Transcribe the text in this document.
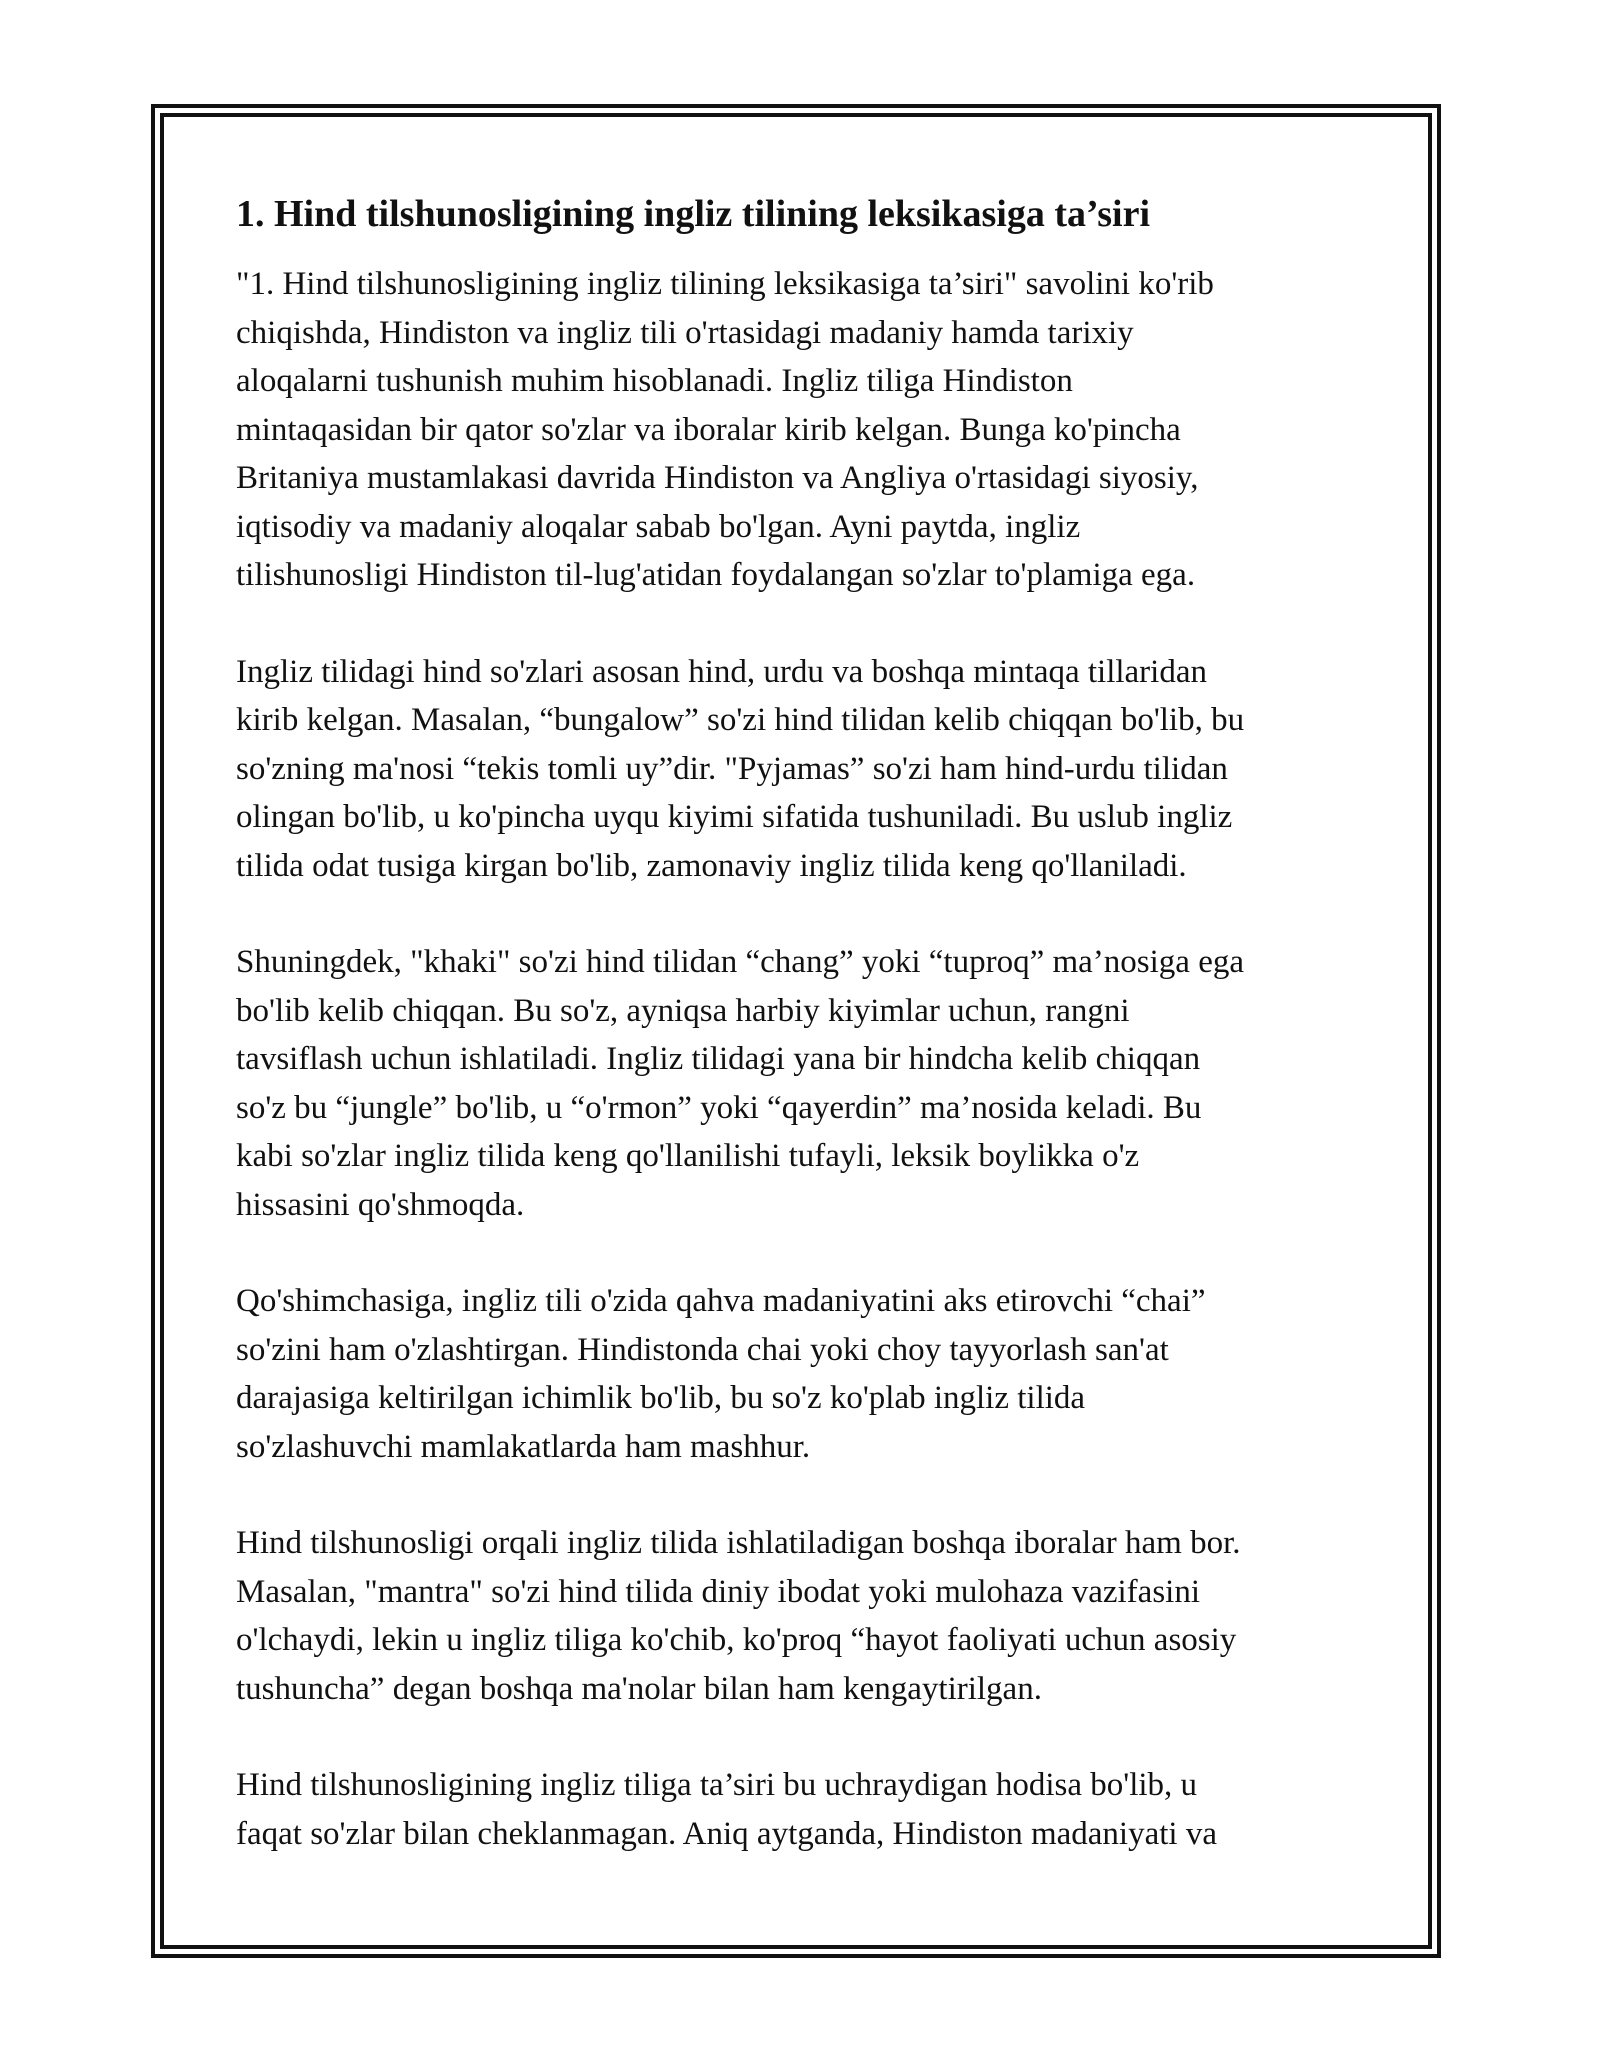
1. Hind tilshunosligining ingliz tilining leksikasiga ta’siri

"1. Hind tilshunosligining ingliz tilining leksikasiga ta’siri" savolini ko'rib
chiqishda, Hindiston va ingliz tili o'rtasidagi madaniy hamda tarixiy
aloqalarni tushunish muhim hisoblanadi. Ingliz tiliga Hindiston
mintaqasidan bir qator so'zlar va iboralar kirib kelgan. Bunga ko'pincha
Britaniya mustamlakasi davrida Hindiston va Angliya o'rtasidagi siyosiy,
iqtisodiy va madaniy aloqalar sabab bo'lgan. Ayni paytda, ingliz
tilishunosligi Hindiston til-lug'atidan foydalangan so'zlar to'plamiga ega.

Ingliz tilidagi hind so'zlari asosan hind, urdu va boshqa mintaqa tillaridan
kirib kelgan. Masalan, “bungalow” so'zi hind tilidan kelib chiqqan bo'lib, bu
so'zning ma'nosi “tekis tomli uy”dir. "Pyjamas” so'zi ham hind-urdu tilidan
olingan bo'lib, u ko'pincha uyqu kiyimi sifatida tushuniladi. Bu uslub ingliz
tilida odat tusiga kirgan bo'lib, zamonaviy ingliz tilida keng qo'llaniladi.

Shuningdek, "khaki" so'zi hind tilidan “chang” yoki “tuproq” ma’nosiga ega
bo'lib kelib chiqqan. Bu so'z, ayniqsa harbiy kiyimlar uchun, rangni
tavsiflash uchun ishlatiladi. Ingliz tilidagi yana bir hindcha kelib chiqqan
so'z bu “jungle” bo'lib, u “o'rmon” yoki “qayerdin” ma’nosida keladi. Bu
kabi so'zlar ingliz tilida keng qo'llanilishi tufayli, leksik boylikka o'z
hissasini qo'shmoqda.

Qo'shimchasiga, ingliz tili o'zida qahva madaniyatini aks etirovchi “chai”
so'zini ham o'zlashtirgan. Hindistonda chai yoki choy tayyorlash san'at
darajasiga keltirilgan ichimlik bo'lib, bu so'z ko'plab ingliz tilida
so'zlashuvchi mamlakatlarda ham mashhur.

Hind tilshunosligi orqali ingliz tilida ishlatiladigan boshqa iboralar ham bor.
Masalan, "mantra" so'zi hind tilida diniy ibodat yoki mulohaza vazifasini
o'lchaydi, lekin u ingliz tiliga ko'chib, ko'proq “hayot faoliyati uchun asosiy
tushuncha” degan boshqa ma'nolar bilan ham kengaytirilgan.

Hind tilshunosligining ingliz tiliga ta’siri bu uchraydigan hodisa bo'lib, u
faqat so'zlar bilan cheklanmagan. Aniq aytganda, Hindiston madaniyati va
